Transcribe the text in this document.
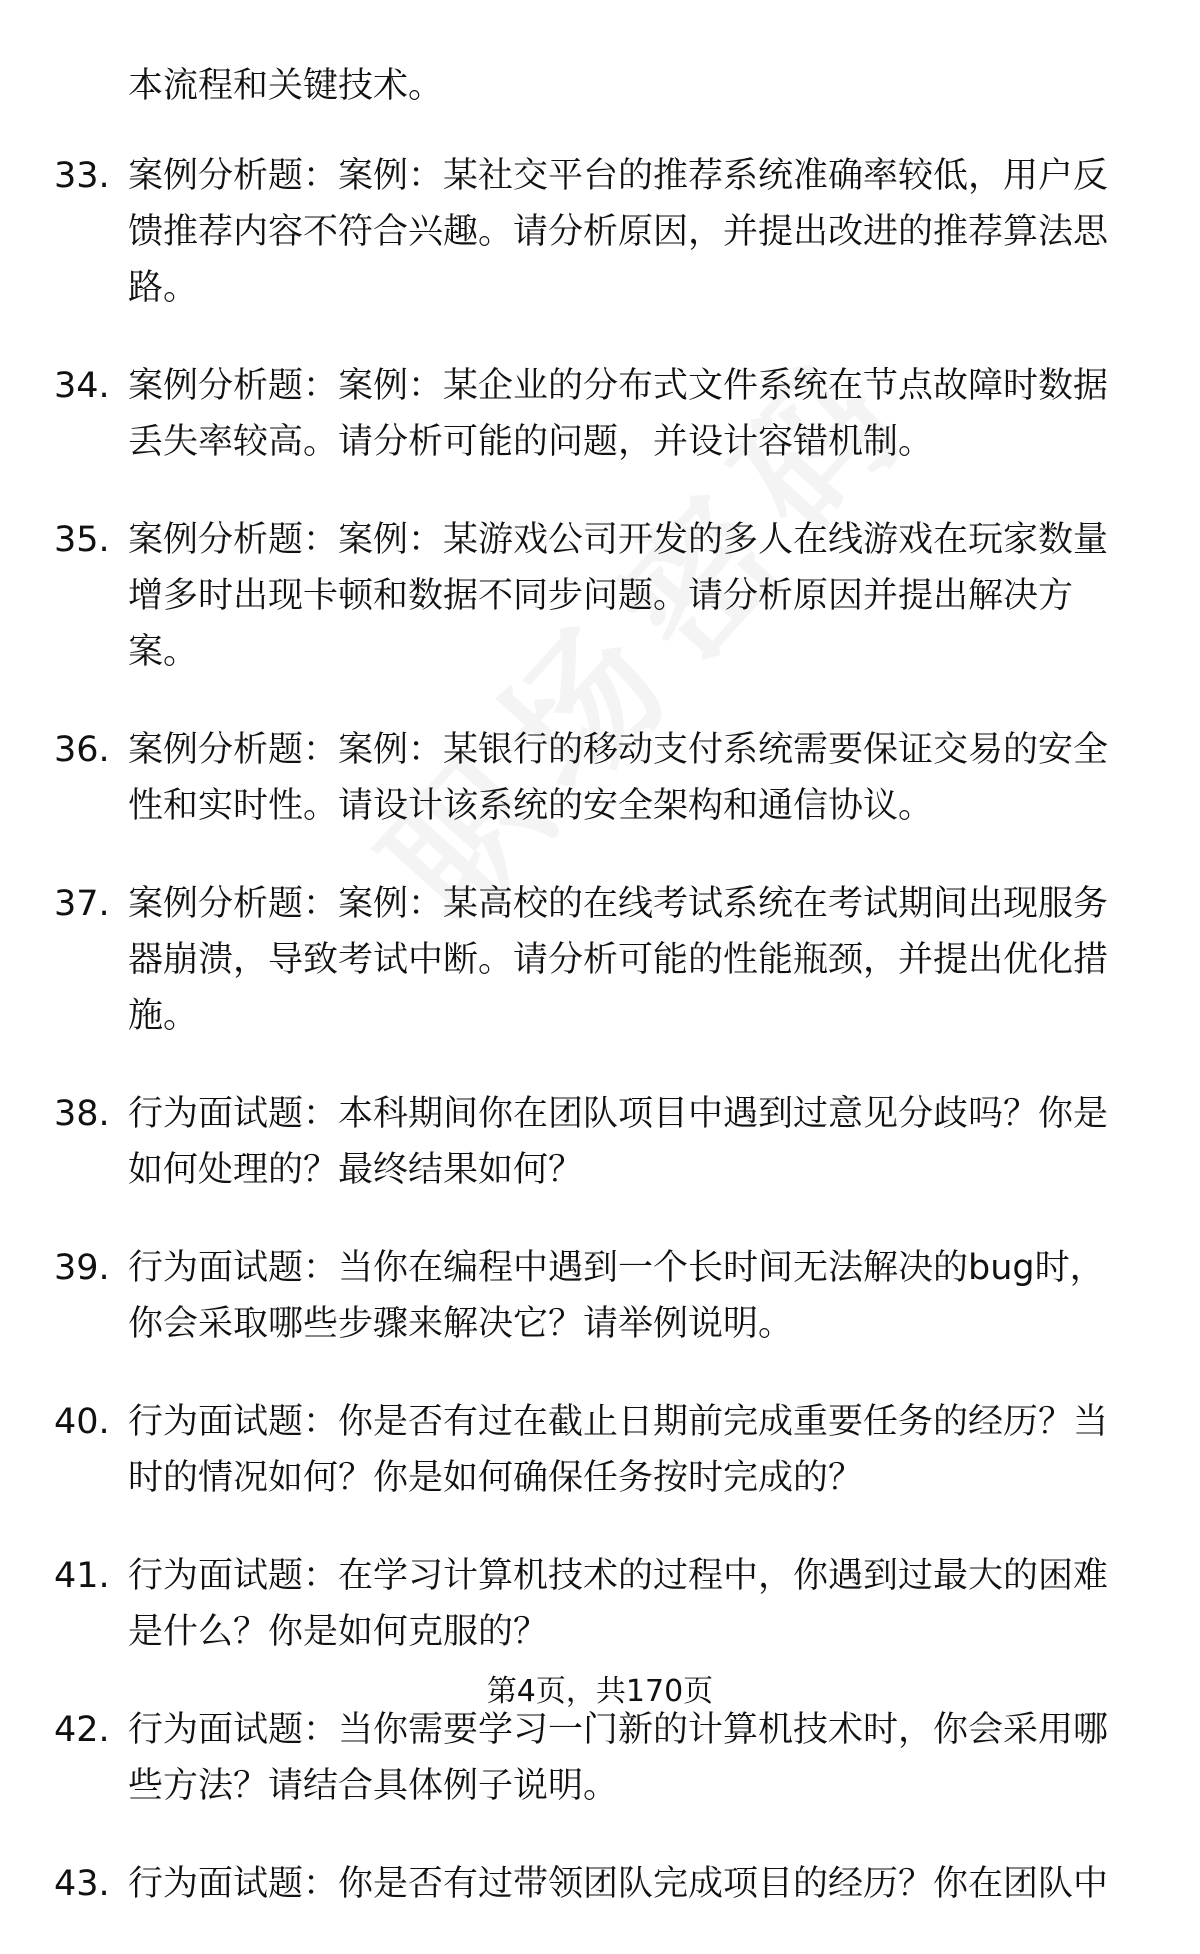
本流程和关键技术。

33. 案例分析题：案例：某社交平台的推荐系统准确率较低，用户反馈推荐内容不符合兴趣。请分析原因，并提出改进的推荐算法思路。
34. 案例分析题：案例：某企业的分布式文件系统在节点故障时数据丢失率较高。请分析可能的问题，并设计容错机制。
35. 案例分析题：案例：某游戏公司开发的多人在线游戏在玩家数量增多时出现卡顿和数据不同步问题。请分析原因并提出解决方案。
36. 案例分析题：案例：某银行的移动支付系统需要保证交易的安全性和实时性。请设计该系统的安全架构和通信协议。
37. 案例分析题：案例：某高校的在线考试系统在考试期间出现服务器崩溃，导致考试中断。请分析可能的性能瓶颈，并提出优化措施。
38. 行为面试题：本科期间你在团队项目中遇到过意见分歧吗？你是如何处理的？最终结果如何？
39. 行为面试题：当你在编程中遇到一个长时间无法解决的bug时，你会采取哪些步骤来解决它？请举例说明。
40. 行为面试题：你是否有过在截止日期前完成重要任务的经历？当时的情况如何？你是如何确保任务按时完成的？
41. 行为面试题：在学习计算机技术的过程中，你遇到过最大的困难是什么？你是如何克服的？
42. 行为面试题：当你需要学习一门新的计算机技术时，你会采用哪些方法？请结合具体例子说明。
43. 行为面试题：你是否有过带领团队完成项目的经历？你在团队中
第4页，共170页
